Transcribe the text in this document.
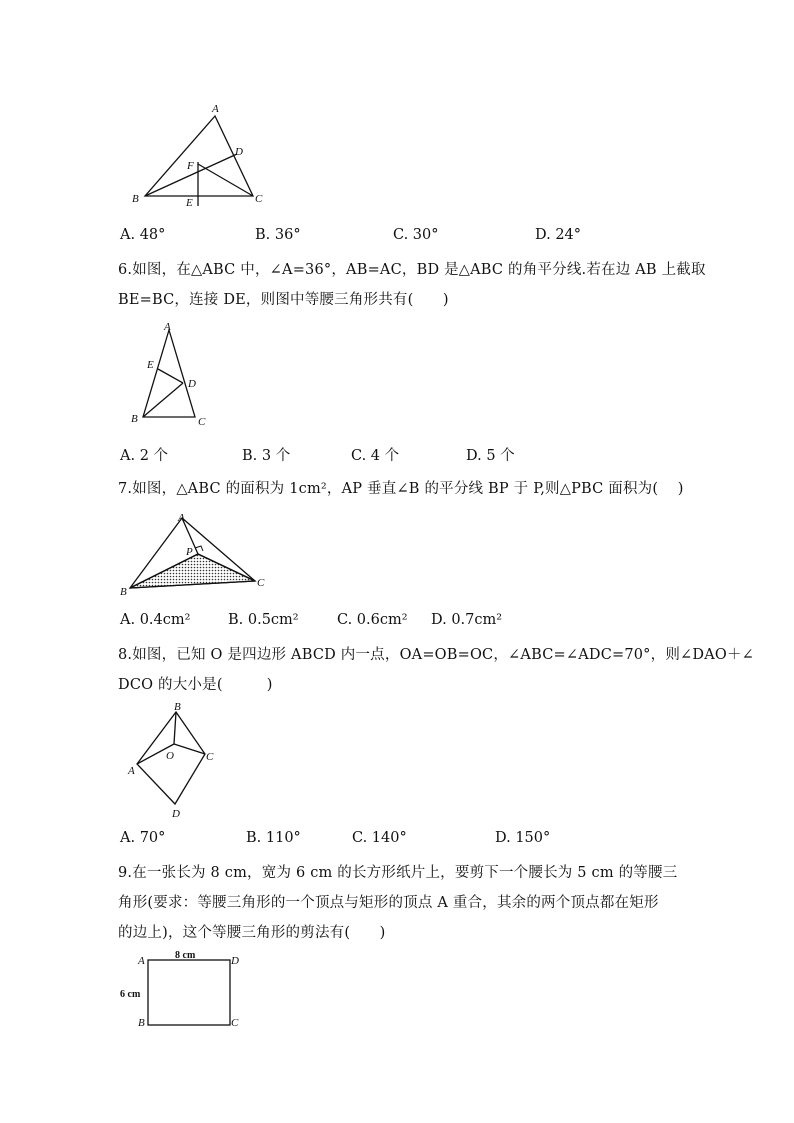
A
B	C
D
F
E
A. 48°	B. 36°	C. 30°	D. 24°
6.如图，在△ABC 中，∠A=36°，AB=AC，BD 是△ABC 的角平分线.若在边 AB 上截取
BE=BC，连接 DE，则图中等腰三角形共有(　　)
A
E
D
B	C
A. 2 个	B. 3 个	C. 4 个	D. 5 个
7.如图，△ABC 的面积为 1cm²，AP 垂直∠B 的平分线 BP 于 P,则△PBC 面积为(　 )
A
P
B
C
A. 0.4cm²	B. 0.5cm²	C. 0.6cm² D. 0.7cm²
8.如图，已知 O 是四边形 ABCD 内一点，OA=OB=OC，∠ABC=∠ADC=70°，则∠DAO＋∠
DCO 的大小是(　　　)
B
O	C
A
D
A. 70°	B. 110°	C. 140°	D. 150°
9.在一张长为 8 cm，宽为 6 cm 的长方形纸片上，要剪下一个腰长为 5 cm 的等腰三
角形(要求：等腰三角形的一个顶点与矩形的顶点 A 重合，其余的两个顶点都在矩形
的边上)，这个等腰三角形的剪法有(　　)
A	D
B	C
8 cm
6 cm
